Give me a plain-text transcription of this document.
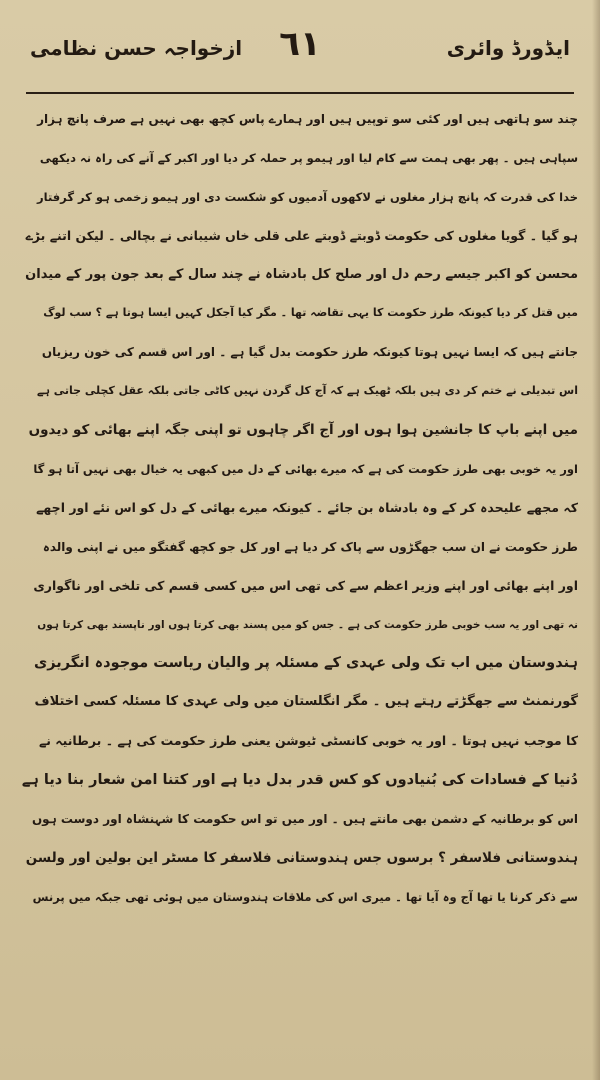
ایڈورڈ وائری
٦١
ازخواجہ حسن نظامی
چند سو ہاتھی ہیں اور کئی سو توپیں ہیں اور ہمارے پاس کچھ بھی نہیں ہے صرف پانچ ہزار
سپاہی ہیں ۔ پھر بھی ہمت سے کام لیا اور ہیمو پر حملہ کر دیا اور اکبر کے آنے کی راہ نہ دیکھی
خدا کی قدرت کہ پانچ ہزار مغلوں نے لاکھوں آدمیوں کو شکست دی اور ہیمو زخمی ہو کر گرفتار
ہو گیا ۔ گویا مغلوں کی حکومت ڈوبتے ڈوبتے علی قلی خاں شیبانی نے بچالی ۔ لیکن اتنے بڑے
محسن کو اکبر جیسے رحم دل اور صلح کل بادشاہ نے چند سال کے بعد جون پور کے میدان
میں قتل کر دیا کیونکہ طرز حکومت کا یہی تقاضہ تھا ۔ مگر کیا آجکل کہیں ایسا ہوتا ہے ؟ سب لوگ
جانتے ہیں کہ ایسا نہیں ہوتا کیونکہ طرز حکومت بدل گیا ہے ۔ اور اس قسم کی خون ریزیاں
اس تبدیلی نے ختم کر دی ہیں بلکہ ٹھیک ہے کہ آج کل گردن نہیں کاٹی جاتی بلکہ عقل کچلی جاتی ہے
میں اپنے باپ کا جانشین ہوا ہوں اور آج اگر چاہوں تو اپنی جگہ اپنے بھائی کو دیدوں
اور یہ خوبی بھی طرز حکومت کی ہے کہ میرے بھائی کے دل میں کبھی یہ خیال بھی نہیں آتا ہو گا
کہ مجھے علیحدہ کر کے وہ بادشاہ بن جائے ۔ کیونکہ میرے بھائی کے دل کو اس نئے اور اچھے
طرز حکومت نے ان سب جھگڑوں سے پاک کر دیا ہے اور کل جو کچھ گفتگو میں نے اپنی والدہ
اور اپنے بھائی اور اپنے وزیر اعظم سے کی تھی اس میں کسی قسم کی تلخی اور ناگواری
نہ تھی اور یہ سب خوبی طرز حکومت کی ہے ۔ جس کو میں پسند بھی کرتا ہوں اور ناپسند بھی کرتا ہوں
ہندوستان میں اب تک ولی عہدی کے مسئلہ پر والیان ریاست موجودہ انگریزی
گورنمنٹ سے جھگڑتے رہتے ہیں ۔ مگر انگلستان میں ولی عہدی کا مسئلہ کسی اختلاف
کا موجب نہیں ہوتا ۔ اور یہ خوبی کانسٹی ٹیوشن یعنی طرز حکومت کی ہے ۔ برطانیہ نے
دُنیا کے فسادات کی بُنیادوں کو کس قدر بدل دیا ہے اور کتنا امن شعار بنا دیا ہے
اس کو برطانیہ کے دشمن بھی مانتے ہیں ۔ اور میں تو اس حکومت کا شہنشاہ اور دوست ہوں
ہندوستانی فلاسفر ؟ برسوں جس ہندوستانی فلاسفر کا مسٹر این بولین اور ولسن
سے ذکر کرنا یا تھا آج وہ آیا تھا ۔ میری اس کی ملاقات ہندوستان میں ہوئی تھی جبکہ میں پرنس
